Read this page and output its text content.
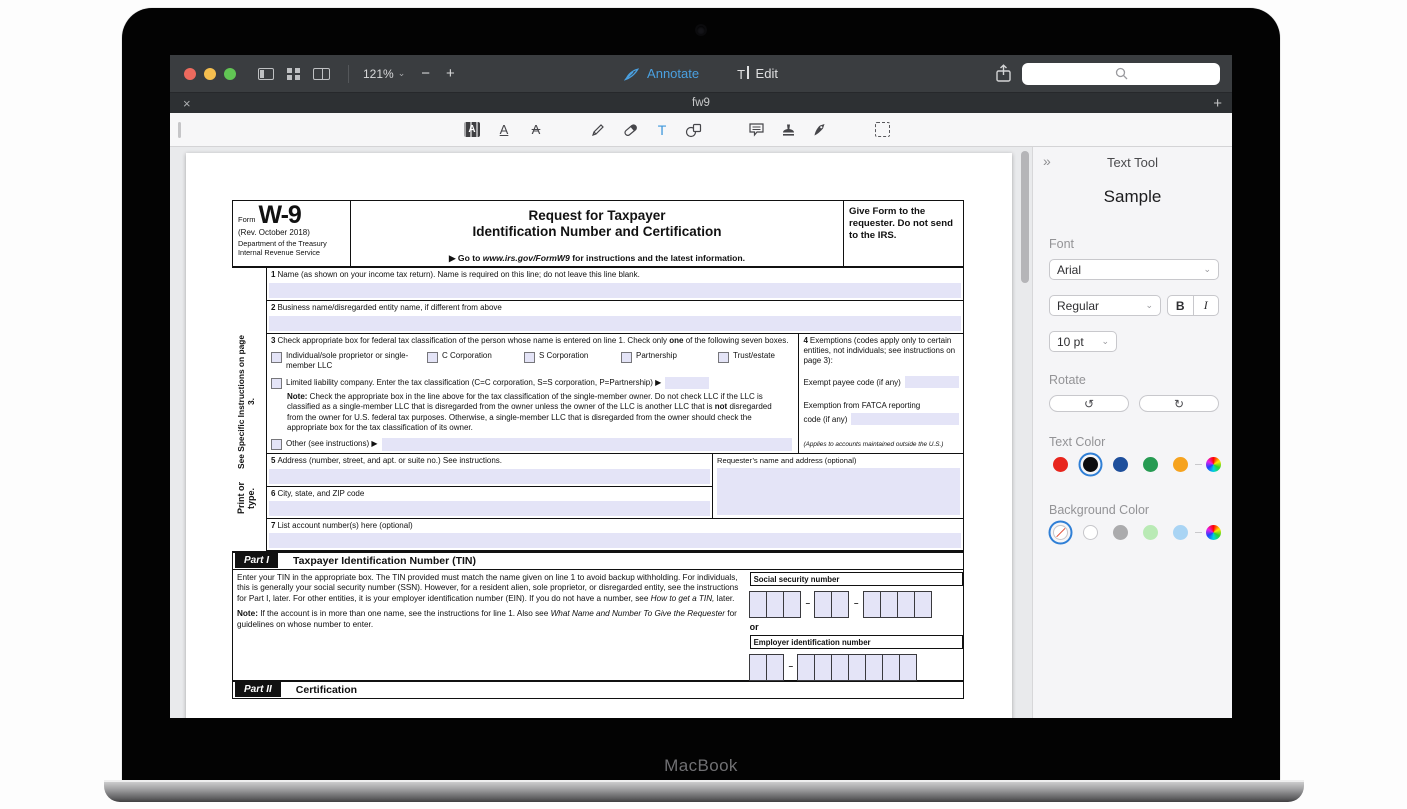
121% ⌄ − +	Annotate	T Edit
×	fw9	+
A	A	A	T
Print or type.
See Specific Instructions on page 3.
Form W-9
(Rev. October 2018)
Department of the Treasury
Internal Revenue Service
Request for Taxpayer
Identification Number and Certification
▶ Go to www.irs.gov/FormW9 for instructions and the latest information.
Give Form to the requester. Do not send to the IRS.
1 Name (as shown on your income tax return). Name is required on this line; do not leave this line blank.
2 Business name/disregarded entity name, if different from above
3 Check appropriate box for federal tax classification of the person whose name is entered on line 1. Check only one of the following seven boxes.
Individual/sole proprietor or single-member LLC
C Corporation	S Corporation	Partnership	Trust/estate
Limited liability company. Enter the tax classification (C=C corporation, S=S corporation, P=Partnership) ▶
Note: Check the appropriate box in the line above for the tax classification of the single-member owner. Do not check LLC if the LLC is classified as a single-member LLC that is disregarded from the owner unless the owner of the LLC is another LLC that is not disregarded from the owner for U.S. federal tax purposes. Otherwise, a single-member LLC that is disregarded from the owner should check the appropriate box for the tax classification of its owner.
Other (see instructions) ▶
4 Exemptions (codes apply only to certain entities, not individuals; see instructions on page 3):
Exempt payee code (if any)
Exemption from FATCA reporting
code (if any)
(Applies to accounts maintained outside the U.S.)
5 Address (number, street, and apt. or suite no.) See instructions.
6 City, state, and ZIP code
Requester’s name and address (optional)
7 List account number(s) here (optional)
Part I	Taxpayer Identification Number (TIN)

Enter your TIN in the appropriate box. The TIN provided must match the name given on line 1 to avoid backup withholding. For individuals, this is generally your social security number (SSN). However, for a resident alien, sole proprietor, or disregarded entity, see the instructions for Part I, later. For other entities, it is your employer identification number (EIN). If you do not have a number, see How to get a TIN, later.

Note: If the account is in more than one name, see the instructions for line 1. Also see What Name and Number To Give the Requester for guidelines on whose number to enter.

Social security number
–	–
or
Employer identification number
–
Part II	Certification
»	Text Tool
Sample
Font
Arial	⌄
Regular	⌄	B	I
10 pt ⌄
Rotate
↺	↻
Text Color
Background Color
MacBook
